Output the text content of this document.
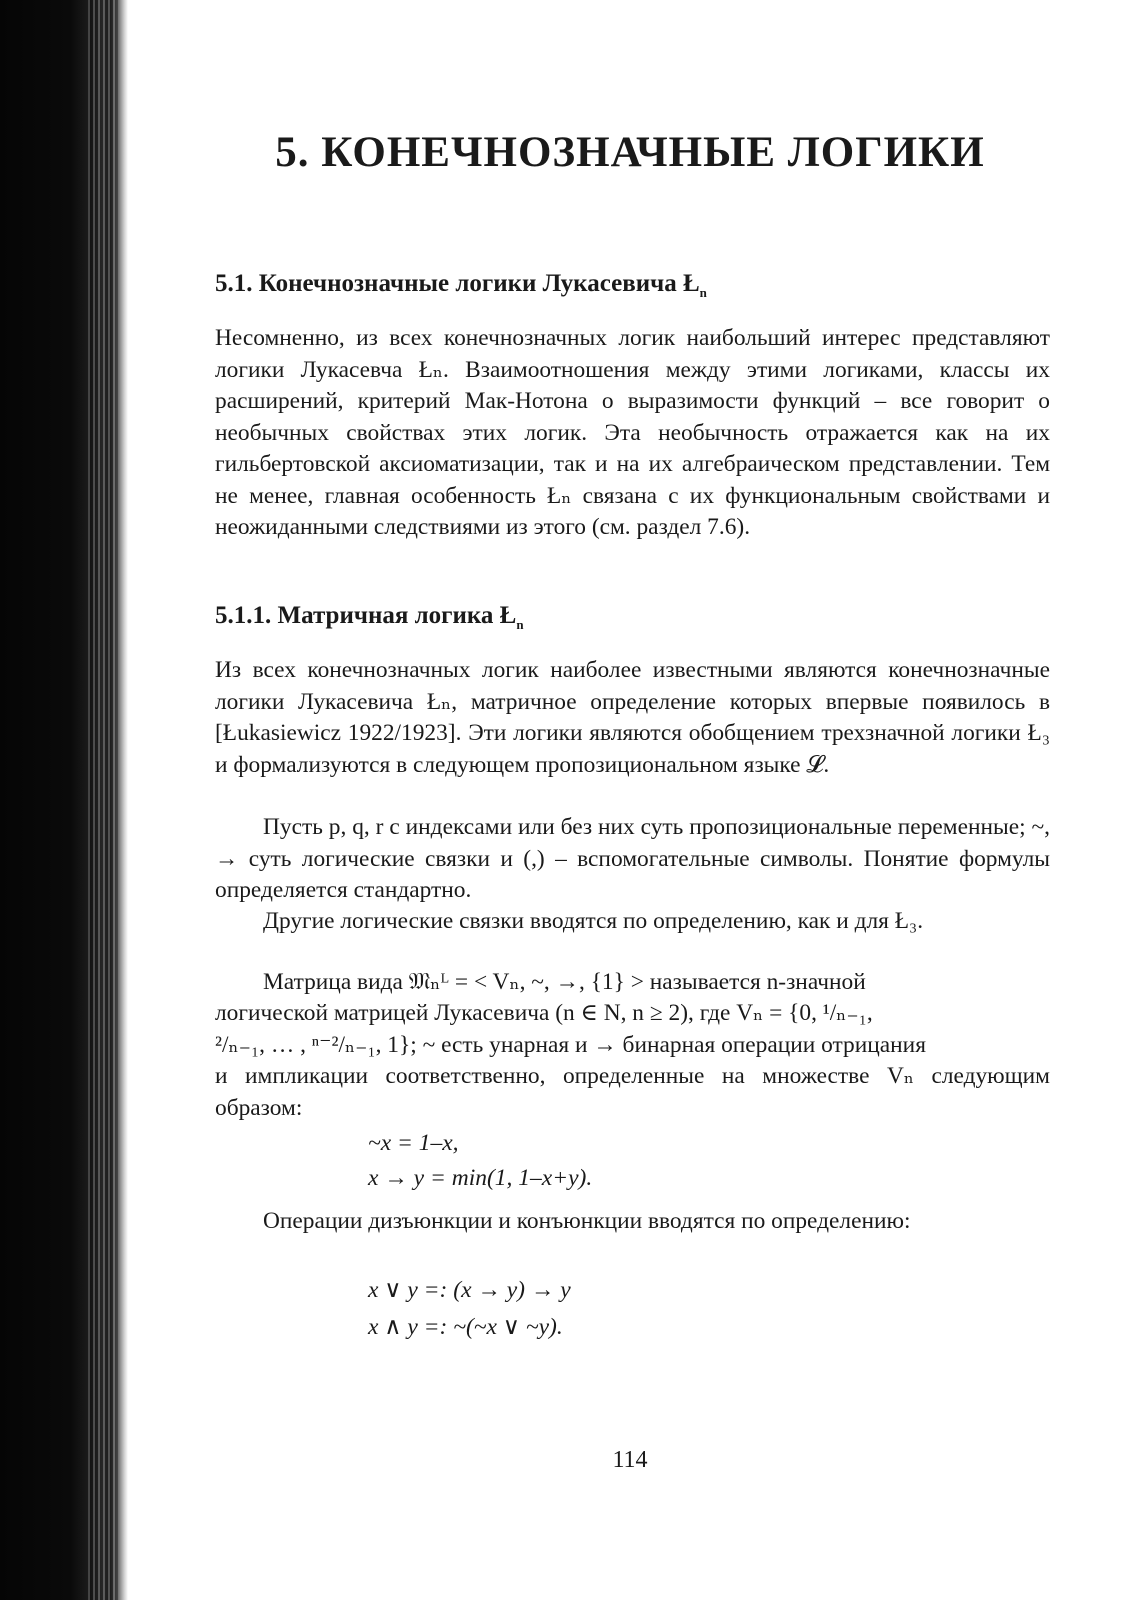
5. КОНЕЧНОЗНАЧНЫЕ ЛОГИКИ
5.1. Конечнозначные логики Лукасевича $Ł_n$

Несомненно, из всех конечнозначных логик наибольший интерес представляют логики Лукасевча Łₙ. Взаимоотношения между этими логиками, классы их расширений, критерий Мак-Нотона о выразимости функций – все говорит о необычных свойствах этих логик. Эта необычность отражается как на их гильбертовской аксиоматизации, так и на их алгебраическом представлении. Тем не менее, главная особенность Łₙ связана с их функциональным свойствами и неожиданными следствиями из этого (см. раздел 7.6).

5.1.1. Матричная логика $Ł_n$

Из всех конечнозначных логик наиболее известными являются конечнозначные логики Лукасевича Łₙ, матричное определение которых впервые появилось в [Łukasiewicz 1922/1923]. Эти логики являются обобщением трехзначной логики Ł₃ и формализуются в следующем пропозициональном языке 𝓛.

Пусть p, q, r с индексами или без них суть пропозициональные переменные; ~, → суть логические связки и (,) – вспомогательные символы. Понятие формулы определяется стандартно.

Другие логические связки вводятся по определению, как и для Ł₃.

Матрица вида 𝔐ₙᴸ = < Vₙ, ~, →, {1} > называется n-значной
логической матрицей Лукасевича (n ∈ N, n ≥ 2), где Vₙ = {0, ¹/ₙ₋₁,
²/ₙ₋₁, … , ⁿ⁻²/ₙ₋₁, 1}; ~ есть унарная и → бинарная операции отрицания

и импликации соответственно, определенные на множестве Vₙ следующим образом:

~x = 1–x,
x → y = min(1, 1–x+y).

Операции дизъюнкции и конъюнкции вводятся по определению:

x ∨ y =: (x → y) → y
x ∧ y =: ~(~x ∨ ~y).
114
